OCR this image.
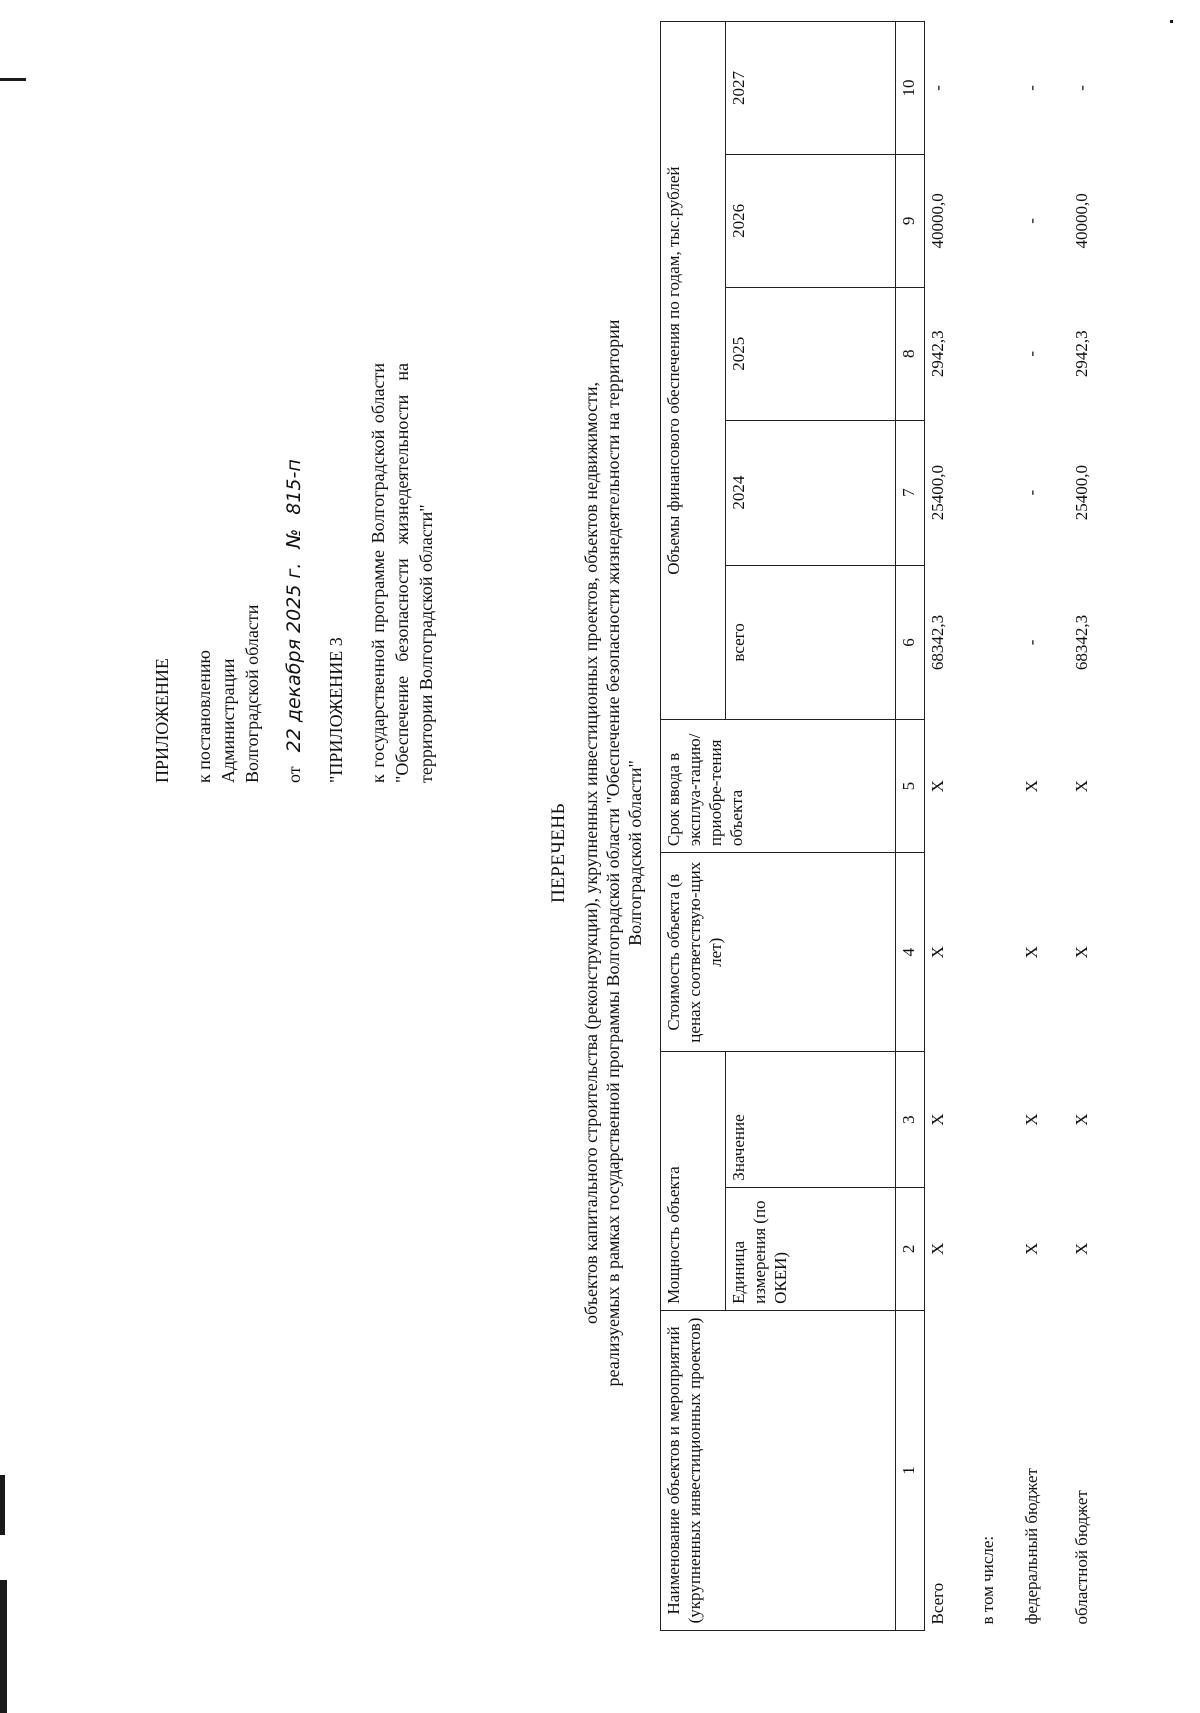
ПРИЛОЖЕНИЕ к постановлению Администрации Волгоградской области от22 декабря 2025 г.№815-п

"ПРИЛОЖЕНИЕ 3 к государственной программе Волгоградской области "Обеспечение безопасности жизнедеятельности на территории Волгоградской области"

ПЕРЕЧЕНЬ объектов капитального строительства (реконструкции), укрупненных инвестиционных проектов, объектов недвижимости, реализуемых в рамках государственной программы Волгоградской области "Обеспечение безопасности жизнедеятельности на территории Волгоградской области"
Наименование объектов и мероприятий (укрупненных инвестиционных проектов)	Мощность объекта		Стоимость объекта (в ценах соответствую-щих лет)	Срок ввода в эксплуа-тацию/ приобре-тения объекта	Объемы финансового обеспечения по годам, тыс.рублей				
	Единица измерения (по ОКЕИ)	Значение			всего	2024	2025	2026	2027
1	2	3	4	5	6	7	8	9	10
Всего	X	X	X	X	68342,3	25400,0	2942,3	40000,0	-
в том числе:									
федеральный бюджет	X	X	X	X	-	-	-	-	-
областной бюджет	X	X	X	X	68342,3	25400,0	2942,3	40000,0	-
